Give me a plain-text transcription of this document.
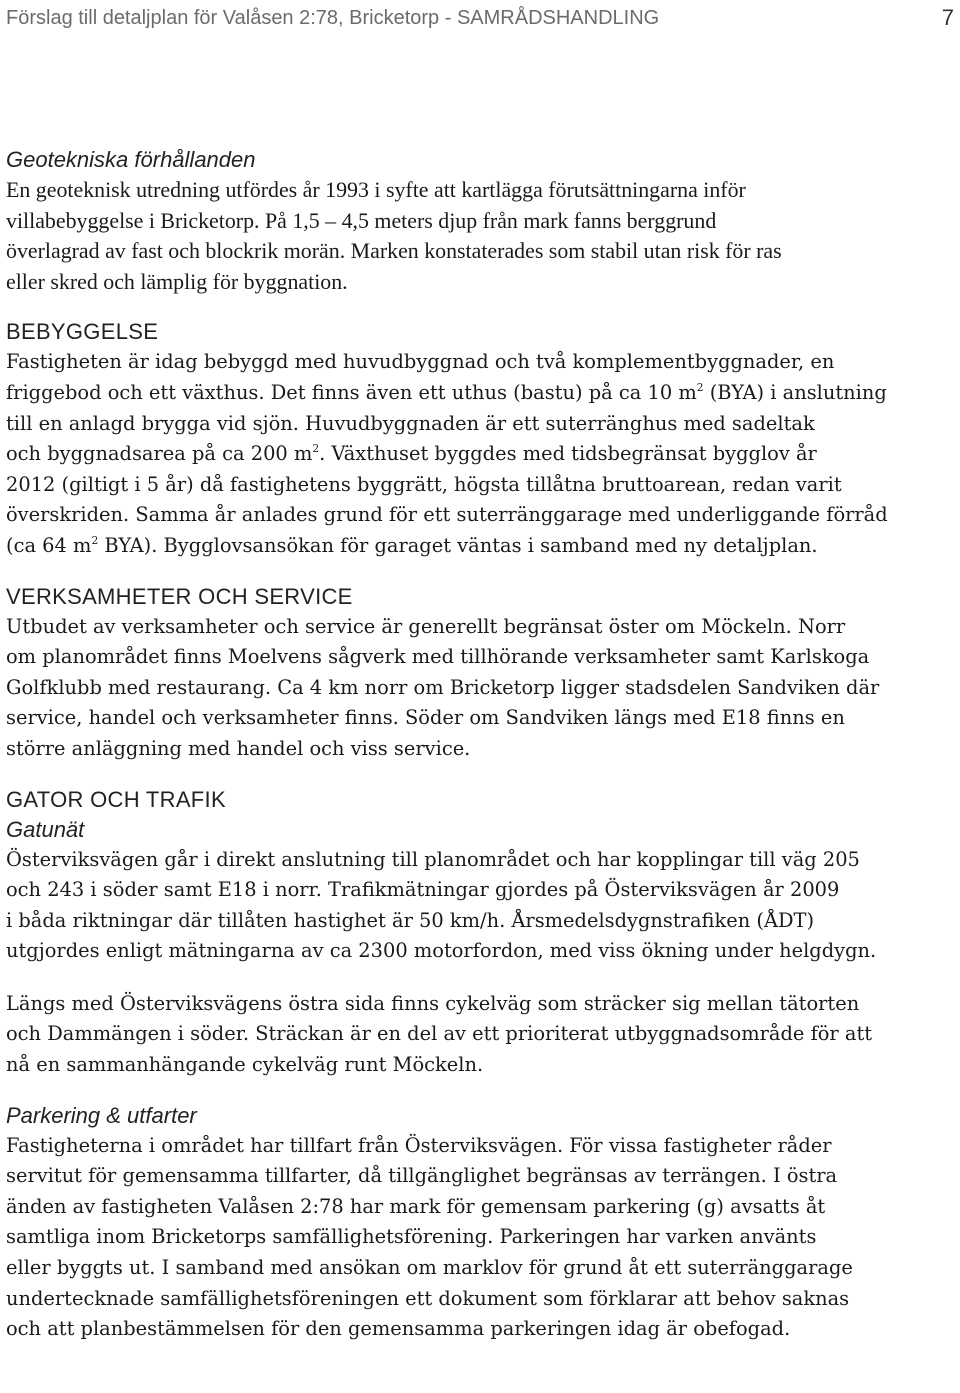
Förslag till detaljplan för Valåsen 2:78, Bricketorp - SAMRÅDSHANDLING	7
Geotekniska förhållanden

En geoteknisk utredning utfördes år 1993 i syfte att kartlägga förutsättningarna inför
villabebyggelse i Bricketorp. På 1,5 – 4,5 meters djup från mark fanns berggrund
överlagrad av fast och blockrik morän. Marken konstaterades som stabil utan risk för ras
eller skred och lämplig för byggnation.

BEBYGGELSE

Fastigheten är idag bebyggd med huvudbyggnad och två komplementbyggnader, en
friggebod och ett växthus. Det finns även ett uthus (bastu) på ca 10 $m^2$ (BYA) i anslutning
till en anlagd brygga vid sjön. Huvudbyggnaden är ett suterränghus med sadeltak
och byggnadsarea på ca 200 $m^2$. Växthuset byggdes med tidsbegränsat bygglov år
2012 (giltigt i 5 år) då fastighetens byggrätt, högsta tillåtna bruttoarean, redan varit
överskriden. Samma år anlades grund för ett suterränggarage med underliggande förråd
(ca 64 $m^2$ BYA). Bygglovsansökan för garaget väntas i samband med ny detaljplan.

VERKSAMHETER OCH SERVICE

Utbudet av verksamheter och service är generellt begränsat öster om Möckeln. Norr
om planområdet finns Moelvens sågverk med tillhörande verksamheter samt Karlskoga
Golfklubb med restaurang. Ca 4 km norr om Bricketorp ligger stadsdelen Sandviken där
service, handel och verksamheter finns. Söder om Sandviken längs med E18 finns en
större anläggning med handel och viss service.

GATOR OCH TRAFIK
Gatunät

Österviksvägen går i direkt anslutning till planområdet och har kopplingar till väg 205
och 243 i söder samt E18 i norr. Trafikmätningar gjordes på Österviksvägen år 2009
i båda riktningar där tillåten hastighet är 50 km/h. Årsmedelsdygnstrafiken (ÅDT)
utgjordes enligt mätningarna av ca 2300 motorfordon, med viss ökning under helgdygn.

Längs med Österviksvägens östra sida finns cykelväg som sträcker sig mellan tätorten
och Dammängen i söder. Sträckan är en del av ett prioriterat utbyggnadsområde för att
nå en sammanhängande cykelväg runt Möckeln.

Parkering & utfarter

Fastigheterna i området har tillfart från Österviksvägen. För vissa fastigheter råder
servitut för gemensamma tillfarter, då tillgänglighet begränsas av terrängen. I östra
änden av fastigheten Valåsen 2:78 har mark för gemensam parkering (g) avsatts åt
samtliga inom Bricketorps samfällighetsförening. Parkeringen har varken använts
eller byggts ut. I samband med ansökan om marklov för grund åt ett suterränggarage
undertecknade samfällighetsföreningen ett dokument som förklarar att behov saknas
och att planbestämmelsen för den gemensamma parkeringen idag är obefogad.
